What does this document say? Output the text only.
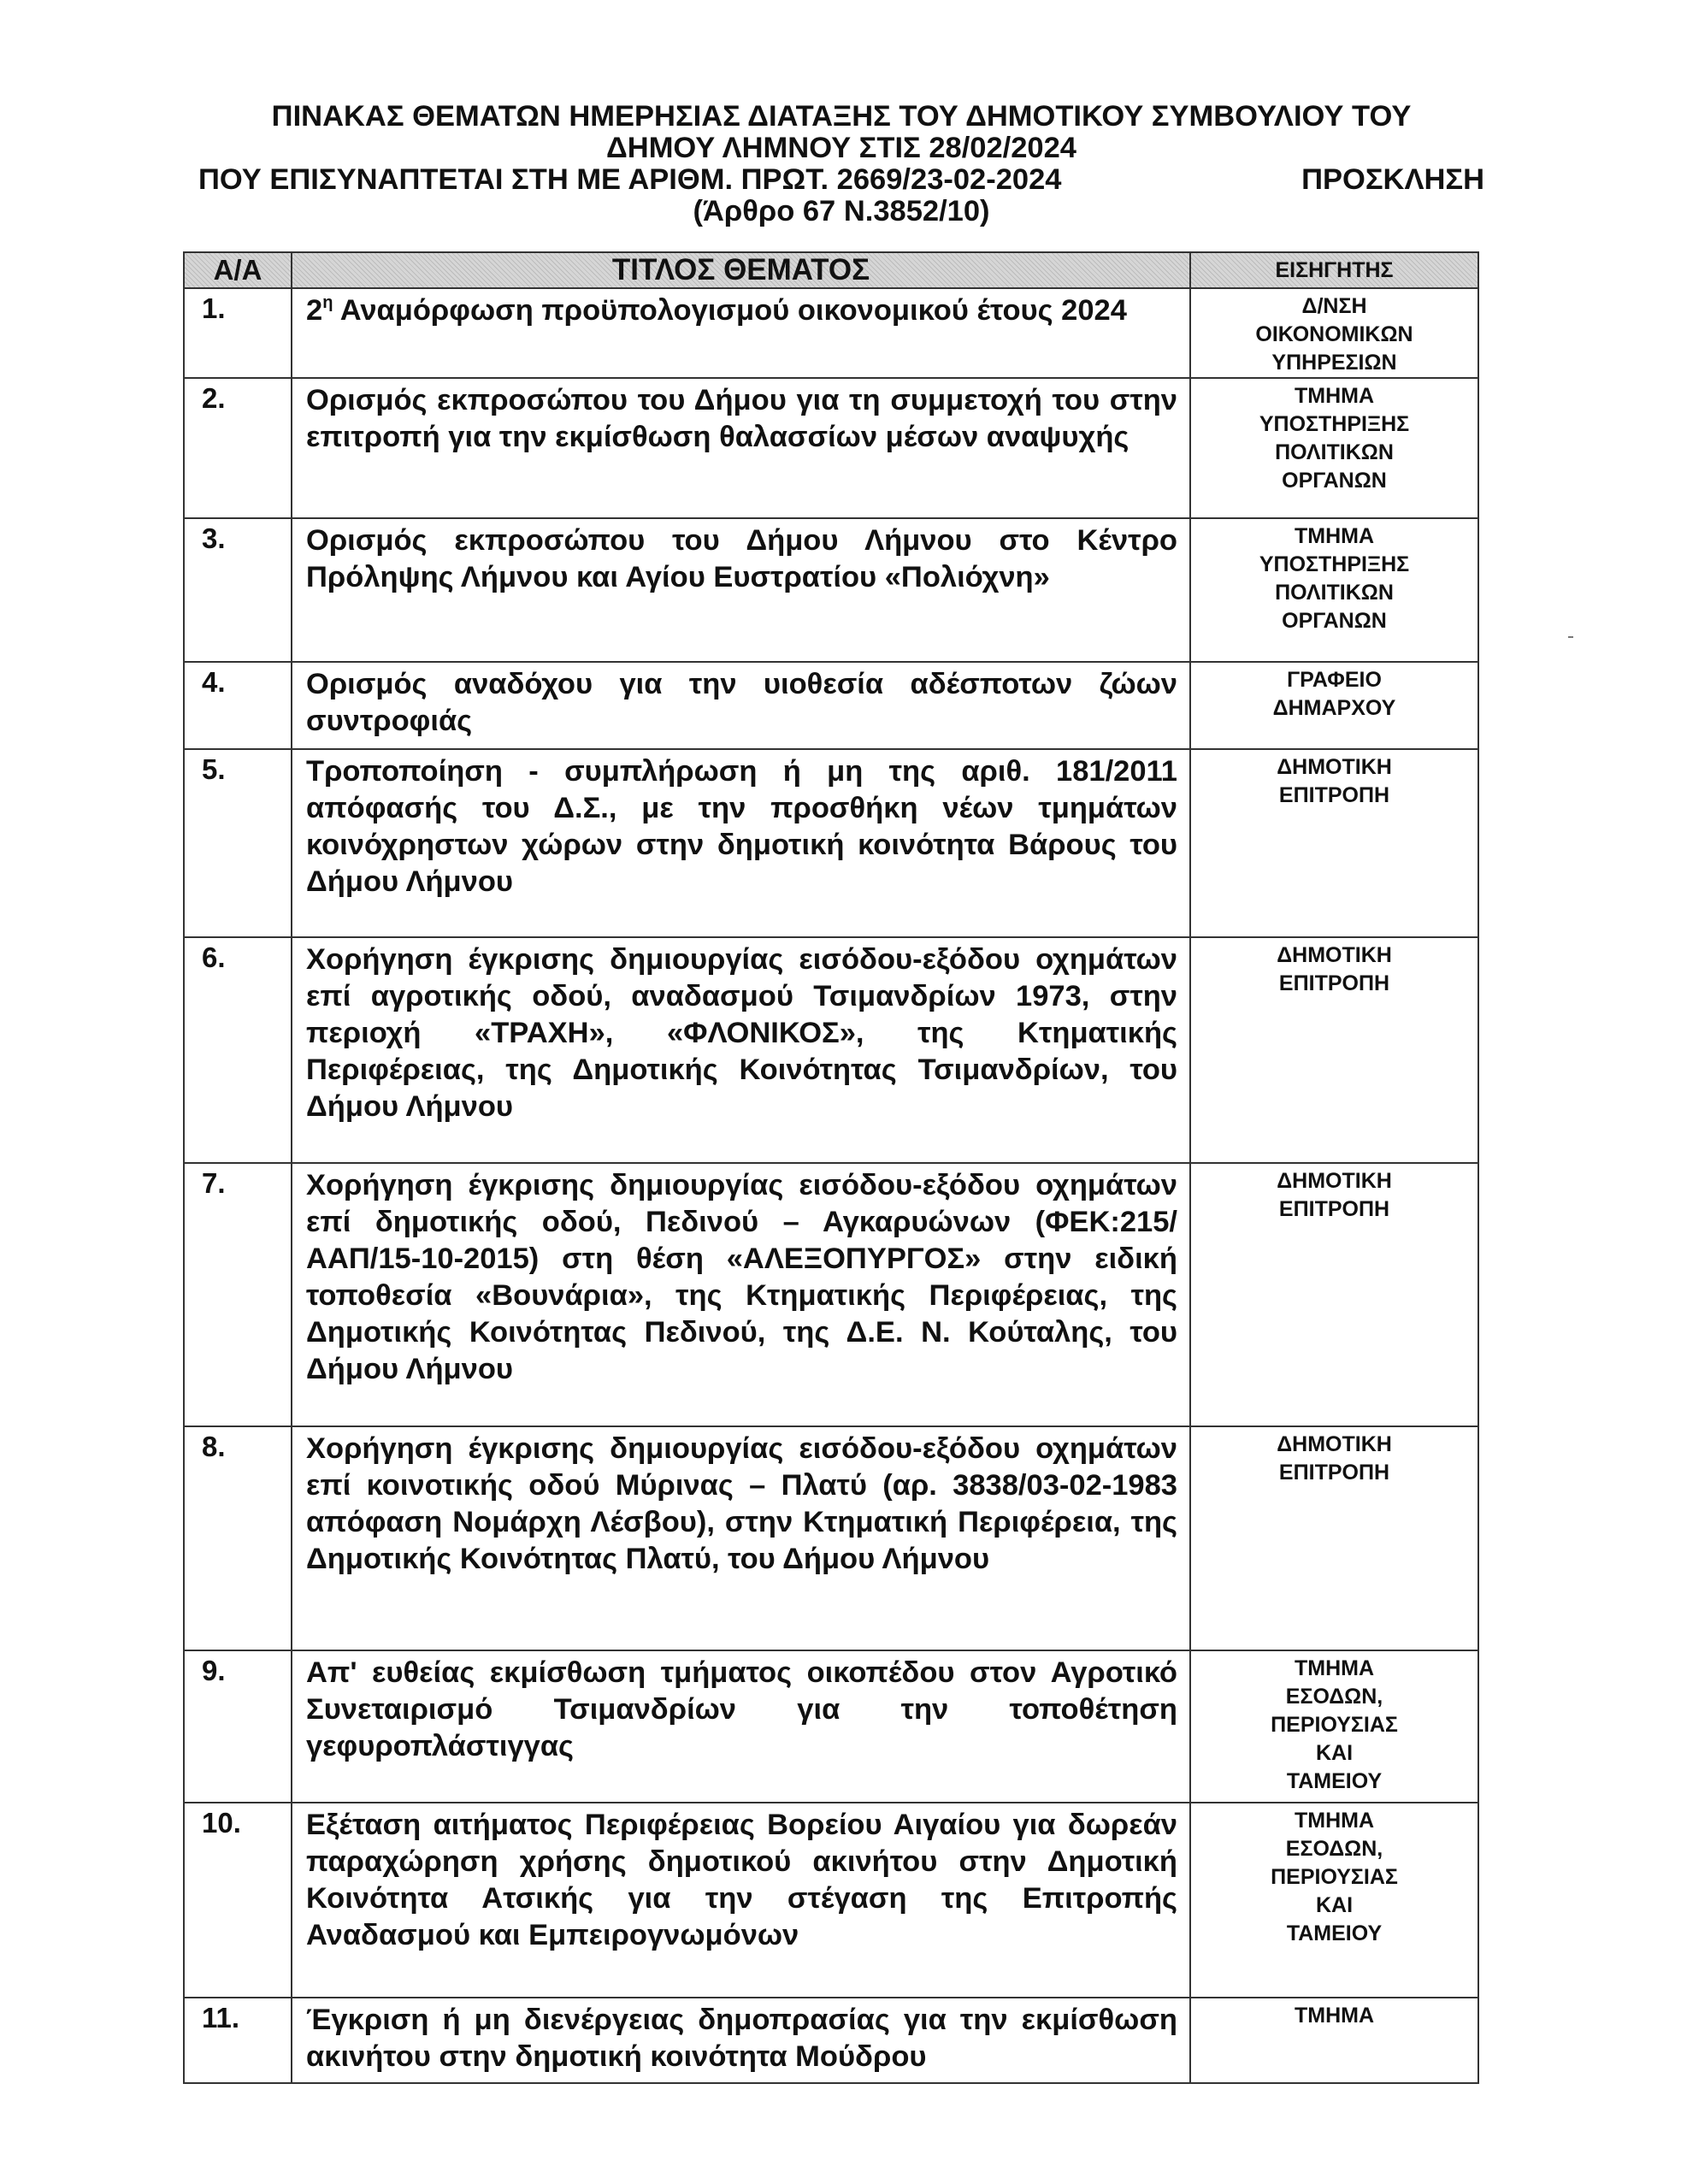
ΠΙΝΑΚΑΣ ΘΕΜΑΤΩΝ ΗΜΕΡΗΣΙΑΣ ΔΙΑΤΑΞΗΣ ΤΟΥ ΔΗΜΟΤΙΚΟΥ ΣΥΜΒΟΥΛΙΟΥ ΤΟΥ
ΔΗΜΟΥ ΛΗΜΝΟΥ ΣΤΙΣ 28/02/2024
ΠΟΥ ΕΠΙΣΥΝΑΠΤΕΤΑΙ ΣΤΗ ΜΕ ΑΡΙΘΜ. ΠΡΩΤ. 2669/23-02-2024	ΠΡΟΣΚΛΗΣΗ
(Άρθρο 67 Ν.3852/10)
Α/Α	ΤΙΤΛΟΣ ΘΕΜΑΤΟΣ	ΕΙΣΗΓΗΤΗΣ
1.	$2^\eta$ Αναμόρφωση προϋπολογισμού οικονομικού έτους 2024	Δ/ΝΣΗ ΟΙΚΟΝΟΜΙΚΩΝ ΥΠΗΡΕΣΙΩΝ
2.	Ορισμός εκπροσώπου του Δήμου για τη συμμετοχή του στην επιτροπή για την εκμίσθωση θαλασσίων μέσων αναψυχής	ΤΜΗΜΑ ΥΠΟΣΤΗΡΙΞΗΣ ΠΟΛΙΤΙΚΩΝ ΟΡΓΑΝΩΝ
3.	Ορισμός εκπροσώπου του Δήμου Λήμνου στο Κέντρο Πρόληψης Λήμνου και Αγίου Ευστρατίου «Πολιόχνη»	ΤΜΗΜΑ ΥΠΟΣΤΗΡΙΞΗΣ ΠΟΛΙΤΙΚΩΝ ΟΡΓΑΝΩΝ
4.	Ορισμός αναδόχου για την υιοθεσία αδέσποτων ζώων συντροφιάς	ΓΡΑΦΕΙΟ ΔΗΜΑΡΧΟΥ
5.	Τροποποίηση - συμπλήρωση ή μη της αριθ. 181/2011 απόφασής του Δ.Σ., με την προσθήκη νέων τμημάτων κοινόχρηστων χώρων στην δημοτική κοινότητα Βάρους του Δήμου Λήμνου	ΔΗΜΟΤΙΚΗ ΕΠΙΤΡΟΠΗ
6.	Χορήγηση έγκρισης δημιουργίας εισόδου-εξόδου οχημάτων επί αγροτικής οδού, αναδασμού Τσιμανδρίων 1973, στην περιοχή «ΤΡΑΧΗ», «ΦΛΟΝΙΚΟΣ», της Κτηματικής Περιφέρειας, της Δημοτικής Κοινότητας Τσιμανδρίων, του Δήμου Λήμνου	ΔΗΜΟΤΙΚΗ ΕΠΙΤΡΟΠΗ
7.	Χορήγηση έγκρισης δημιουργίας εισόδου-εξόδου οχημάτων επί δημοτικής οδού, Πεδινού – Αγκαρυώνων (ΦΕΚ:215/ΑΑΠ/15-10-2015) στη θέση «ΑΛΕΞΟΠΥΡΓΟΣ» στην ειδική τοποθεσία «Βουνάρια», της Κτηματικής Περιφέρειας, της Δημοτικής Κοινότητας Πεδινού, της Δ.Ε. Ν. Κούταλης, του Δήμου Λήμνου	ΔΗΜΟΤΙΚΗ ΕΠΙΤΡΟΠΗ
8.	Χορήγηση έγκρισης δημιουργίας εισόδου-εξόδου οχημάτων επί κοινοτικής οδού Μύρινας – Πλατύ (αρ. 3838/03-02-1983 απόφαση Νομάρχη Λέσβου), στην Κτηματική Περιφέρεια, της Δημοτικής Κοινότητας Πλατύ, του Δήμου Λήμνου	ΔΗΜΟΤΙΚΗ ΕΠΙΤΡΟΠΗ
9.	Απ' ευθείας εκμίσθωση τμήματος οικοπέδου στον Αγροτικό Συνεταιρισμό Τσιμανδρίων για την τοποθέτηση γεφυροπλάστιγγας	ΤΜΗΜΑ ΕΣΟΔΩΝ, ΠΕΡΙΟΥΣΙΑΣ ΚΑΙ ΤΑΜΕΙΟΥ
10.	Εξέταση αιτήματος Περιφέρειας Βορείου Αιγαίου για δωρεάν παραχώρηση χρήσης δημοτικού ακινήτου στην Δημοτική Κοινότητα Ατσικής για την στέγαση της Επιτροπής Αναδασμού και Εμπειρογνωμόνων	ΤΜΗΜΑ ΕΣΟΔΩΝ, ΠΕΡΙΟΥΣΙΑΣ ΚΑΙ ΤΑΜΕΙΟΥ
11.	Έγκριση ή μη διενέργειας δημοπρασίας για την εκμίσθωση ακινήτου στην δημοτική κοινότητα Μούδρου	ΤΜΗΜΑ
